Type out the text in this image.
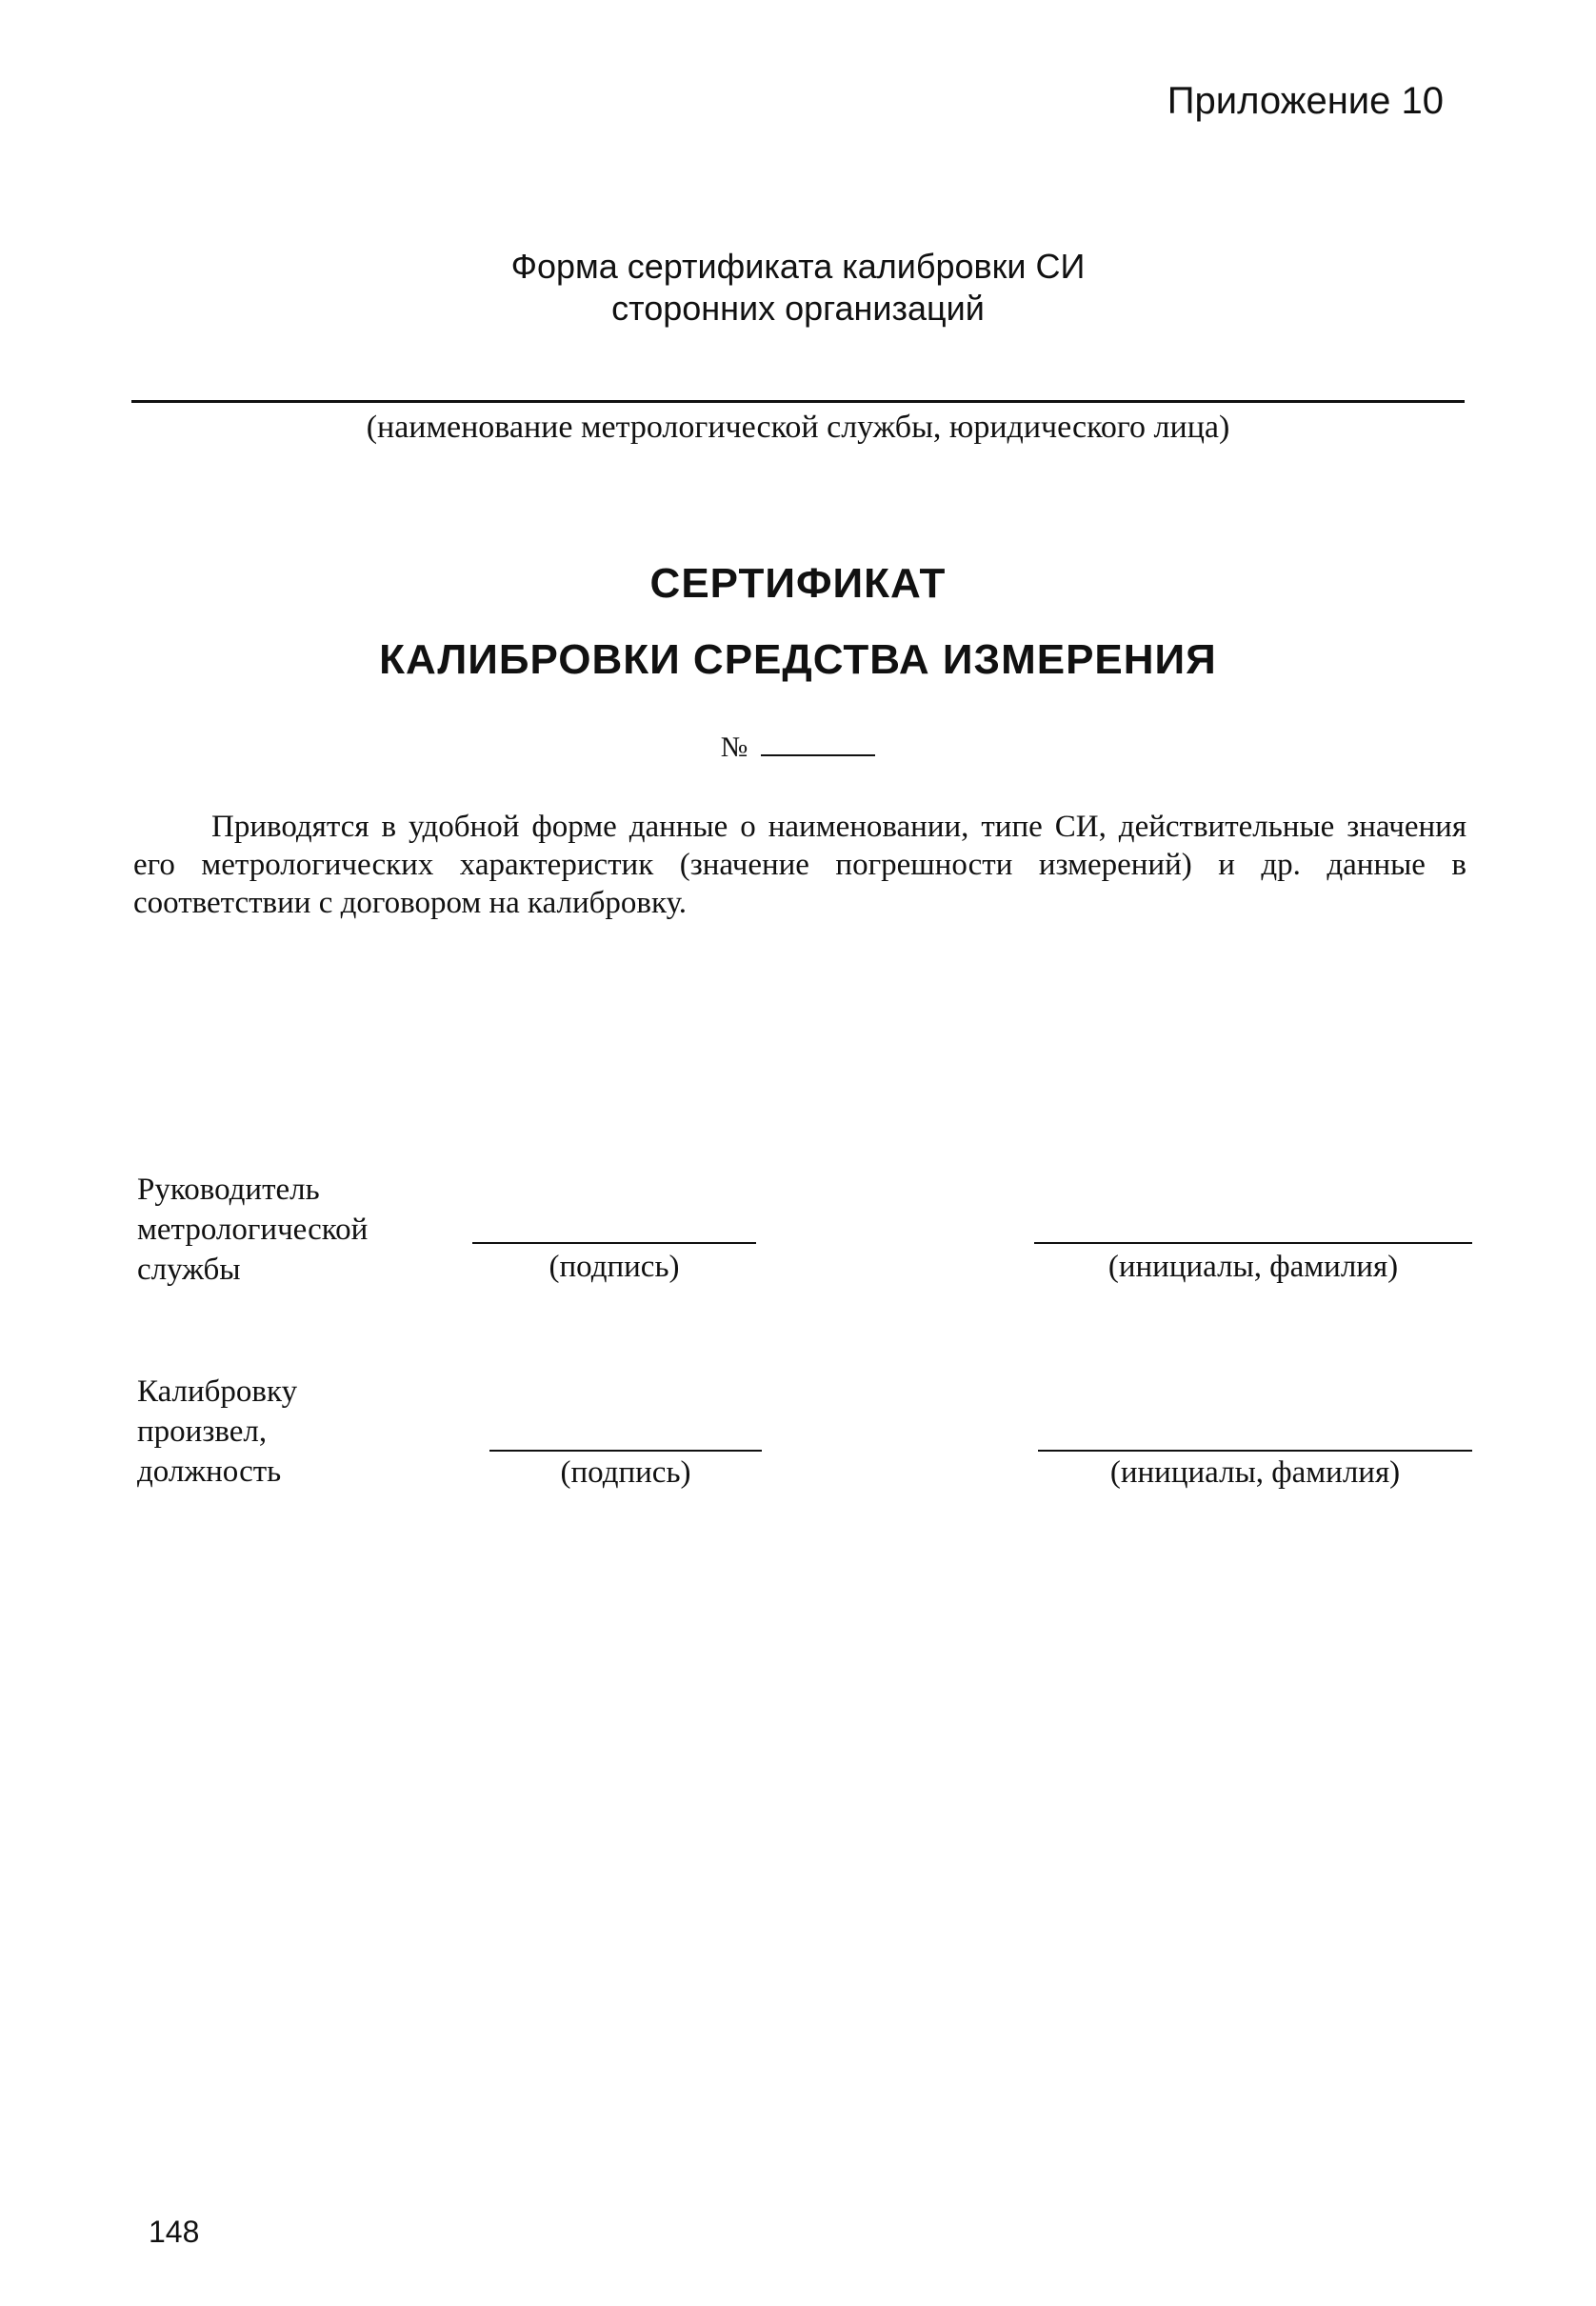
Приложение 10
Форма сертификата калибровки СИ
сторонних организаций
(наименование метрологической службы, юридического лица)
СЕРТИФИКАТ
КАЛИБРОВКИ СРЕДСТВА ИЗМЕРЕНИЯ
№

Приводятся в удобной форме данные о наименовании, типе СИ, действительные значения его метрологических характеристик (значение погрешности измерений) и др. данные в соответствии с договором на калибровку.

Руководитель
метрологической
службы	(подпись)	(инициалы, фамилия)
Калибровку
произвел,
должность	(подпись)	(инициалы, фамилия)
148
